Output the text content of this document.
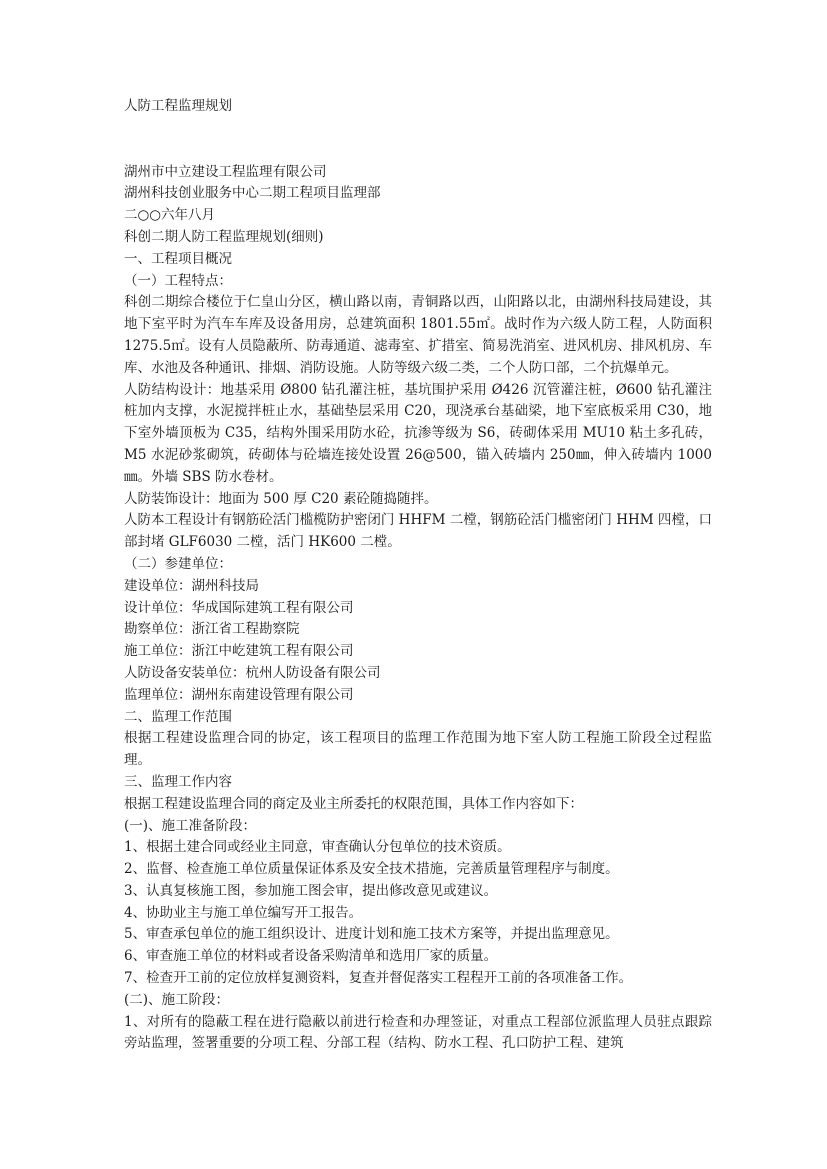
人防工程监理规划
湖州市中立建设工程监理有限公司
湖州科技创业服务中心二期工程项目监理部
二○○六年八月
科创二期人防工程监理规划(细则)
一、工程项目概况
（一）工程特点：
科创二期综合楼位于仁皇山分区，横山路以南，青铜路以西，山阳路以北，由湖州科技局建设，其地下室平时为汽车车库及设备用房，总建筑面积 1801.55㎡。战时作为六级人防工程，人防面积 1275.5㎡。设有人员隐蔽所、防毒通道、滤毒室、扩措室、简易洗消室、进风机房、排风机房、车库、水池及各种通讯、排烟、消防设施。人防等级六级二类，二个人防口部，二个抗爆单元。
人防结构设计：地基采用 Ø800 钻孔灌注桩，基坑围护采用 Ø426 沉管灌注桩，Ø600 钻孔灌注桩加内支撑，水泥搅拌桩止水，基础垫层采用 C20，现浇承台基础梁，地下室底板采用 C30，地下室外墙顶板为 C35，结构外围采用防水砼，抗渗等级为 S6，砖砌体采用 MU10 粘土多孔砖，M5 水泥砂浆砌筑，砖砌体与砼墙连接处设置 26@500，锚入砖墙内 250㎜，伸入砖墙内 1000㎜。外墙 SBS 防水卷材。
人防装饰设计：地面为 500 厚 C20 素砼随捣随拌。
人防本工程设计有钢筋砼活门槛榄防护密闭门 HHFM 二樘，钢筋砼活门槛密闭门 HHM 四樘，口部封堵 GLF6030 二樘，活门 HK600 二樘。
（二）参建单位：
建设单位：湖州科技局
设计单位：华成国际建筑工程有限公司
勘察单位：浙江省工程勘察院
施工单位：浙江中屹建筑工程有限公司
人防设备安装单位：杭州人防设备有限公司
监理单位：湖州东南建设管理有限公司
二、监理工作范围
根据工程建设监理合同的协定，该工程项目的监理工作范围为地下室人防工程施工阶段全过程监理。
三、监理工作内容
根据工程建设监理合同的商定及业主所委托的权限范围，具体工作内容如下：
(一)、施工准备阶段：
1、根据土建合同或经业主同意，审查确认分包单位的技术资质。
2、监督、检查施工单位质量保证体系及安全技术措施，完善质量管理程序与制度。
3、认真复核施工图，参加施工图会审，提出修改意见或建议。
4、协助业主与施工单位编写开工报告。
5、审查承包单位的施工组织设计、进度计划和施工技术方案等，并提出监理意见。
6、审查施工单位的材料或者设备采购清单和选用厂家的质量。
7、检查开工前的定位放样复测资料，复查并督促落实工程程开工前的各项准备工作。
(二)、施工阶段：
1、对所有的隐蔽工程在进行隐蔽以前进行检查和办理签证，对重点工程部位派监理人员驻点跟踪旁站监理，签署重要的分项工程、分部工程（结构、防水工程、孔口防护工程、建筑
